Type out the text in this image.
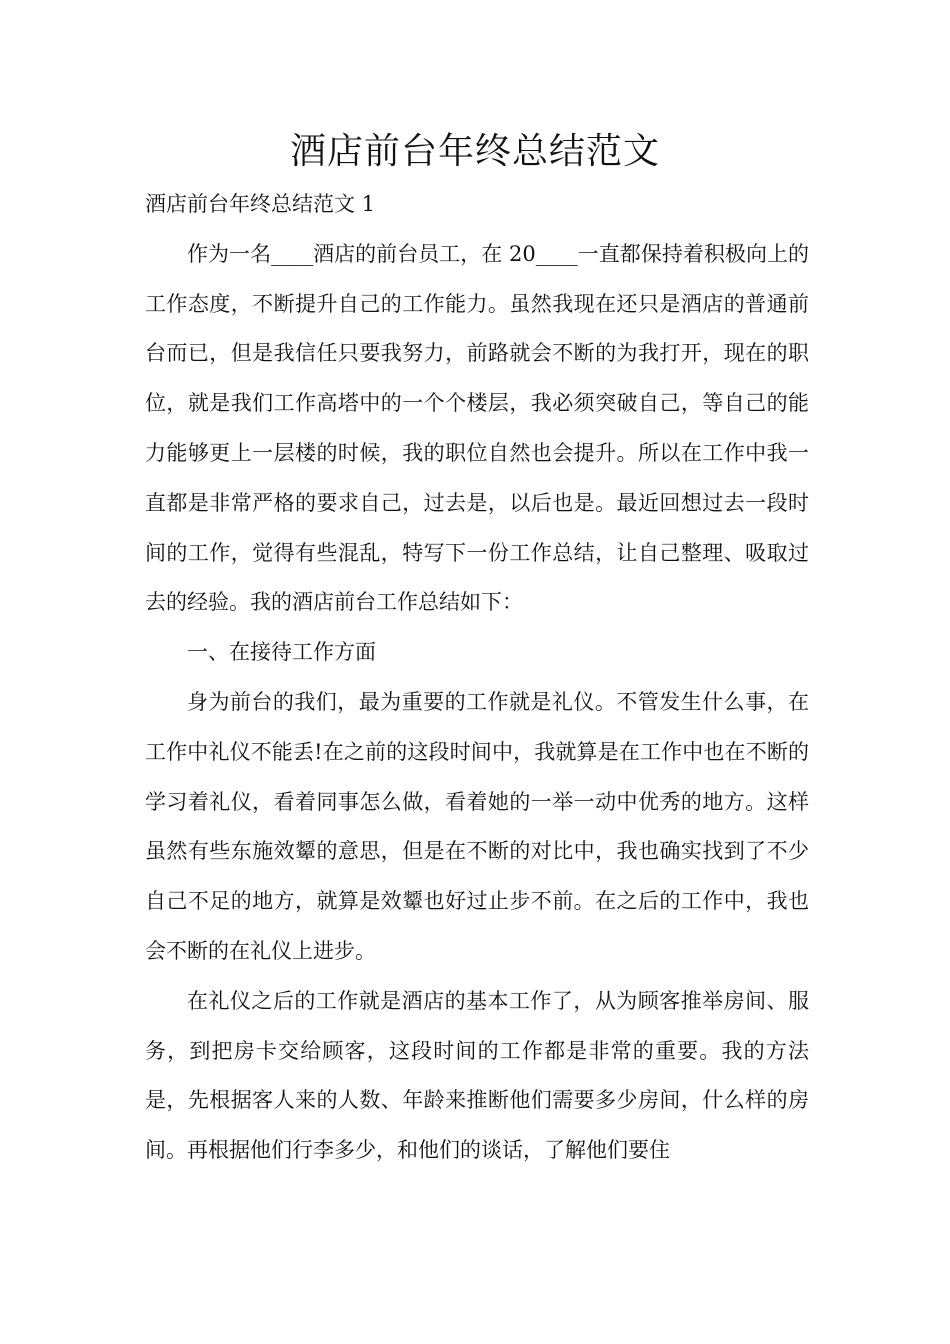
酒店前台年终总结范文

酒店前台年终总结范文 1

作为一名____酒店的前台员工，在 20____一直都保持着积极向上的工作态度，不断提升自己的工作能力。虽然我现在还只是酒店的普通前台而已，但是我信任只要我努力，前路就会不断的为我打开，现在的职位，就是我们工作高塔中的一个个楼层，我必须突破自己，等自己的能力能够更上一层楼的时候，我的职位自然也会提升。所以在工作中我一直都是非常严格的要求自己，过去是，以后也是。最近回想过去一段时间的工作，觉得有些混乱，特写下一份工作总结，让自己整理、吸取过去的经验。我的酒店前台工作总结如下：

一、在接待工作方面

身为前台的我们，最为重要的工作就是礼仪。不管发生什么事，在工作中礼仪不能丢!在之前的这段时间中，我就算是在工作中也在不断的学习着礼仪，看着同事怎么做，看着她的一举一动中优秀的地方。这样虽然有些东施效颦的意思，但是在不断的对比中，我也确实找到了不少自己不足的地方，就算是效颦也好过止步不前。在之后的工作中，我也会不断的在礼仪上进步。

在礼仪之后的工作就是酒店的基本工作了，从为顾客推举房间、服务，到把房卡交给顾客，这段时间的工作都是非常的重要。我的方法是，先根据客人来的人数、年龄来推断他们需要多少房间，什么样的房间。再根据他们行李多少，和他们的谈话，了解他们要住
